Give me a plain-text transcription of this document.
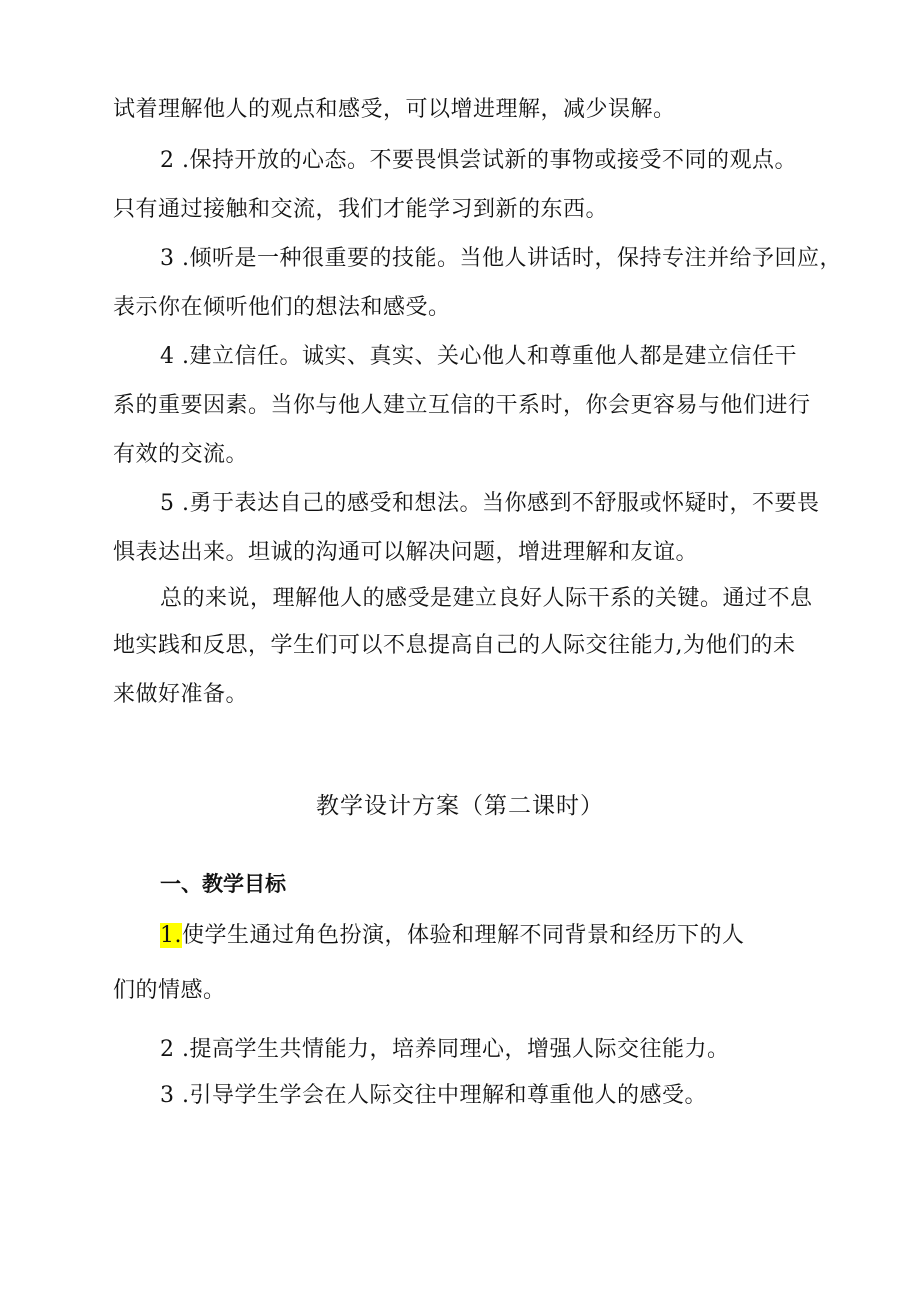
试着理解他人的观点和感受，可以增进理解，减少误解。
2 .保持开放的心态。不要畏惧尝试新的事物或接受不同的观点。
只有通过接触和交流，我们才能学习到新的东西。
3 .倾听是一种很重要的技能。当他人讲话时，保持专注并给予回应，
表示你在倾听他们的想法和感受。
4 .建立信任。诚实、真实、关心他人和尊重他人都是建立信任干
系的重要因素。当你与他人建立互信的干系时，你会更容易与他们进行
有效的交流。
5 .勇于表达自己的感受和想法。当你感到不舒服或怀疑时，不要畏
惧表达出来。坦诚的沟通可以解决问题，增进理解和友谊。
总的来说，理解他人的感受是建立良好人际干系的关键。通过不息
地实践和反思，学生们可以不息提高自己的人际交往能力,为他们的未
来做好准备。
教学设计方案（第二课时）
一、教学目标
1.使学生通过角色扮演，体验和理解不同背景和经历下的人
们的情感。
2 .提高学生共情能力，培养同理心，增强人际交往能力。
3 .引导学生学会在人际交往中理解和尊重他人的感受。
